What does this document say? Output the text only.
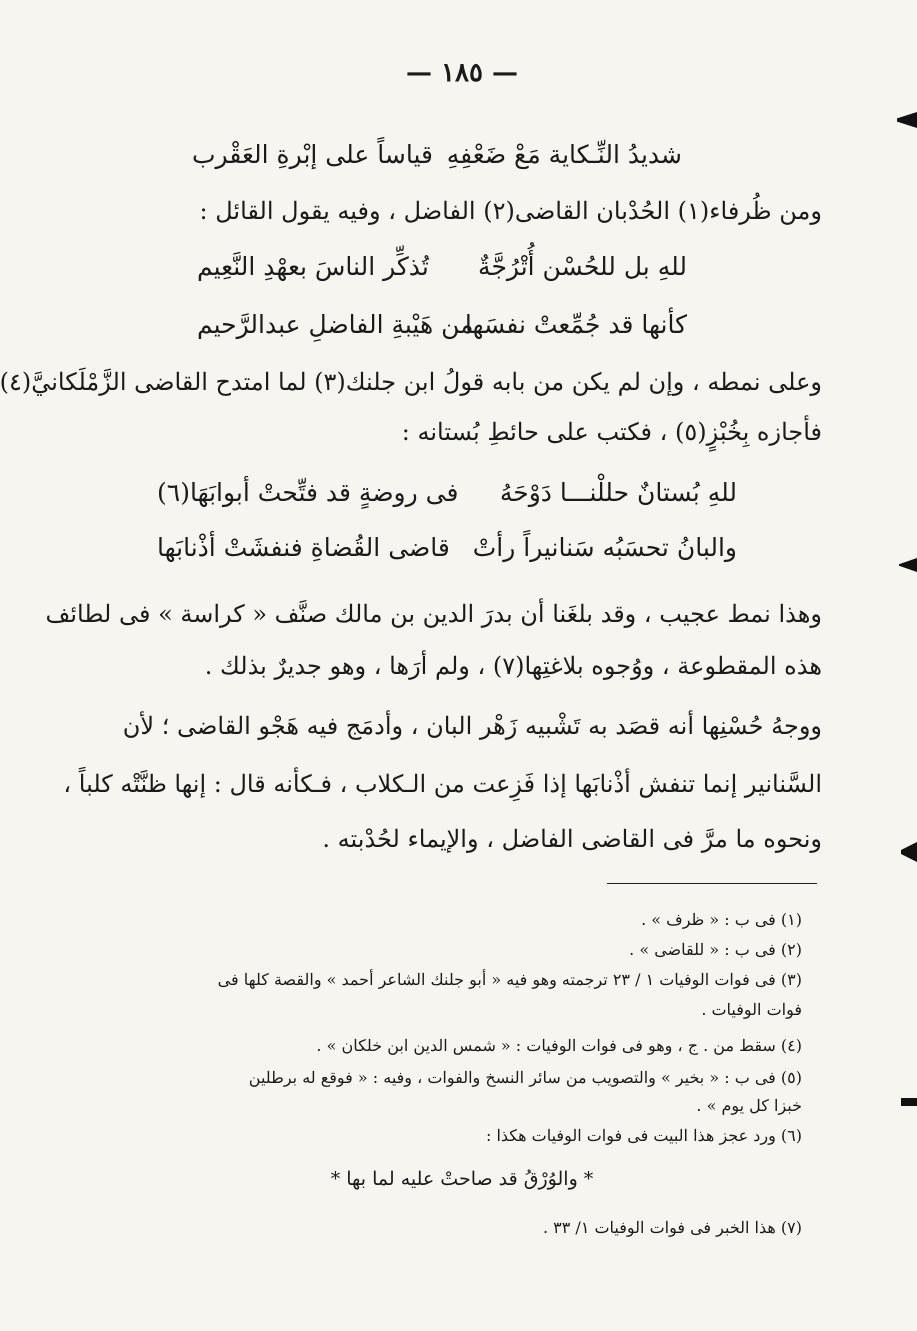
— ١٨٥ —
شديدُ النِّـكاية مَعْ ضَعْفِهِ
قياساً على إبْرةِ العَقْرب
ومن ظُرفاء(١) الحُدْبان القاضى(٢) الفاضل ، وفيه يقول القائل :
للهِ بل للحُسْن أُتْرُجَّةٌ
تُذكِّر الناسَ بعهْدِ النَّعِيم
كأنها قد جُمِّعتْ نفسَها
من هَيْبةِ الفاضلِ عبدالرَّحيم
وعلى نمطه ، وإن لم يكن من بابه قولُ ابن جلنك(٣) لما امتدح القاضى الزَّمْلَكانيَّ(٤)
فأجازه بِخُبْزٍ(٥) ، فكتب على حائطِ بُستانه :
للهِ بُستانٌ حللْنـــا دَوْحَهُ
فى روضةٍ قد فتِّحتْ أبوابَهَا(٦)
والبانُ تحسَبُه سَنانيراً رأتْ
قاضى القُضاةِ فنفشَتْ أذْنابَها
وهذا نمط عجيب ، وقد بلغَنا أن بدرَ الدين بن مالك صنَّف « كراسة » فى لطائف
هذه المقطوعة ، ووُجوه بلاغتِها(٧) ، ولم أرَها ، وهو جديرٌ بذلك .
ووجهُ حُسْنِها أنه قصَد به تَشْبيه زَهْر البان ، وأدمَج فيه هَجْو القاضى ؛ لأن
السَّنانير إنما تنفش أذْنابَها إذا فَزِعت من الـكلاب ، فـكأنه قال : إنها ظنَّتْه كلباً ،
ونحوه ما مرَّ فى القاضى الفاضل ، والإيماء لحُدْبته .
(١) فى ب : « ظرف » .
(٢) فى ب : « للقاضى » .
(٣) فى فوات الوفيات ١ / ٢٣ ترجمته وهو فيه « أبو جلنك الشاعر أحمد » والقصة كلها فى
فوات الوفيات .
(٤) سقط من . ج ، وهو فى فوات الوفيات : « شمس الدين ابن خلكان » .
(٥) فى ب : « بخير » والتصويب من سائر النسخ والفوات ، وفيه : « فوقع له برطلين
خبزا كل يوم » .
(٦) ورد عجز هذا البيت فى فوات الوفيات هكذا :
* والوُرْقُ قد صاحتْ عليه لما بها *
(٧) هذا الخبر فى فوات الوفيات ١/ ٣٣ .
